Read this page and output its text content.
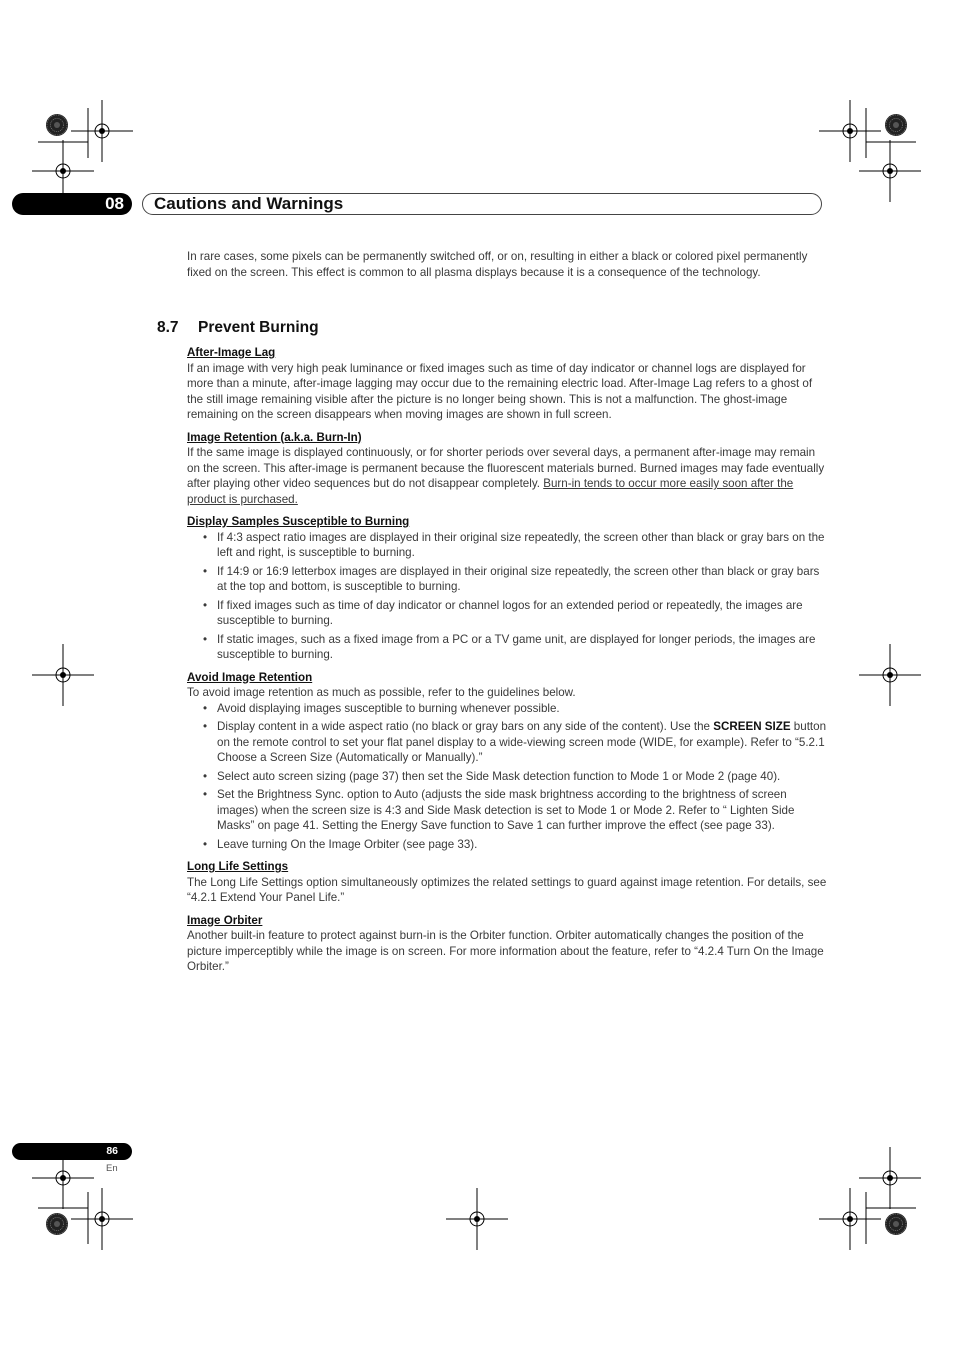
08	Cautions and Warnings

In rare cases, some pixels can be permanently switched off, or on, resulting in either a black or colored pixel permanently fixed on the screen. This effect is common to all plasma displays because it is a consequence of the technology.

8.7 Prevent Burning
After-Image Lag

If an image with very high peak luminance or fixed images such as time of day indicator or channel logs are displayed for more than a minute, after-image lagging may occur due to the remaining electric load. After-Image Lag refers to a ghost of the still image remaining visible after the picture is no longer being shown. This is not a malfunction. The ghost-image remaining on the screen disappears when moving images are shown in full screen.

Image Retention (a.k.a. Burn-In)

If the same image is displayed continuously, or for shorter periods over several days, a permanent after-image may remain on the screen. This after-image is permanent because the fluorescent materials burned. Burned images may fade eventually after playing other video sequences but do not disappear completely. Burn-in tends to occur more easily soon after the product is purchased.

Display Samples Susceptible to Burning
• If 4:3 aspect ratio images are displayed in their original size repeatedly, the screen other than black or gray bars on the left and right, is susceptible to burning.
• If 14:9 or 16:9 letterbox images are displayed in their original size repeatedly, the screen other than black or gray bars at the top and bottom, is susceptible to burning.
• If fixed images such as time of day indicator or channel logos for an extended period or repeatedly, the images are susceptible to burning.
• If static images, such as a fixed image from a PC or a TV game unit, are displayed for longer periods, the images are susceptible to burning.
Avoid Image Retention

To avoid image retention as much as possible, refer to the guidelines below.

• Avoid displaying images susceptible to burning whenever possible.
• Display content in a wide aspect ratio (no black or gray bars on any side of the content). Use the SCREEN SIZE button on the remote control to set your flat panel display to a wide-viewing screen mode (WIDE, for example). Refer to “5.2.1 Choose a Screen Size (Automatically or Manually).”
• Select auto screen sizing (page 37) then set the Side Mask detection function to Mode 1 or Mode 2 (page 40).
• Set the Brightness Sync. option to Auto (adjusts the side mask brightness according to the brightness of screen images) when the screen size is 4:3 and Side Mask detection is set to Mode 1 or Mode 2. Refer to “ Lighten Side Masks” on page 41. Setting the Energy Save function to Save 1 can further improve the effect (see page 33).
• Leave turning On the Image Orbiter (see page 33).
Long Life Settings

The Long Life Settings option simultaneously optimizes the related settings to guard against image retention. For details, see “4.2.1 Extend Your Panel Life.”

Image Orbiter

Another built-in feature to protect against burn-in is the Orbiter function. Orbiter automatically changes the position of the picture imperceptibly while the image is on screen. For more information about the feature, refer to “4.2.4 Turn On the Image Orbiter.”

86
En
